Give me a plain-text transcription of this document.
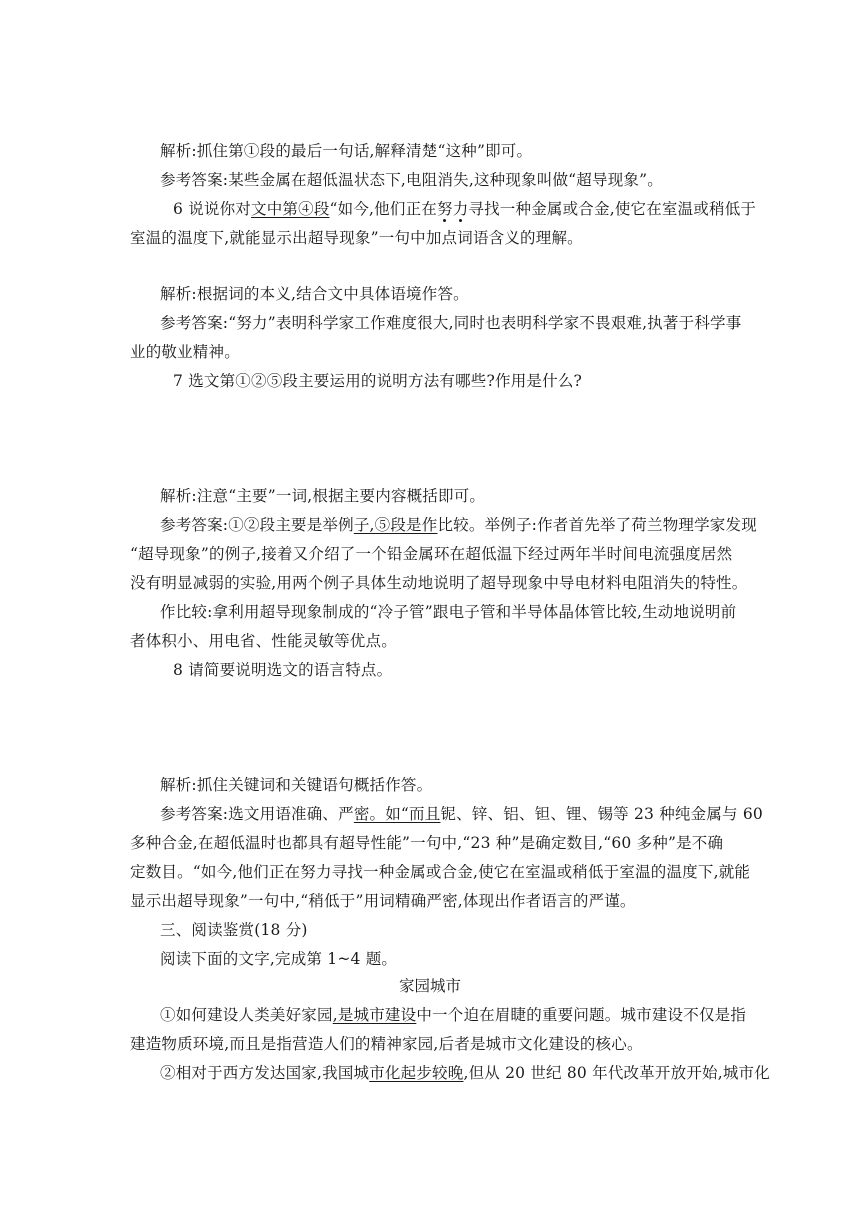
解析:抓住第①段的最后一句话,解释清楚“这种”即可。
参考答案:某些金属在超低温状态下,电阻消失,这种现象叫做“超导现象”。
6 说说你对文中第④段“如今,他们正在努力寻找一种金属或合金,使它在室温或稍低于
室温的温度下,就能显示出超导现象”一句中加点词语含义的理解。
解析:根据词的本义,结合文中具体语境作答。
参考答案:“努力”表明科学家工作难度很大,同时也表明科学家不畏艰难,执著于科学事
业的敬业精神。
7 选文第①②⑤段主要运用的说明方法有哪些?作用是什么?
解析:注意“主要”一词,根据主要内容概括即可。
参考答案:①②段主要是举例子,⑤段是作比较。举例子:作者首先举了荷兰物理学家发现
“超导现象”的例子,接着又介绍了一个铅金属环在超低温下经过两年半时间电流强度居然
没有明显减弱的实验,用两个例子具体生动地说明了超导现象中导电材料电阻消失的特性。
作比较:拿利用超导现象制成的“冷子管”跟电子管和半导体晶体管比较,生动地说明前
者体积小、用电省、性能灵敏等优点。
8 请简要说明选文的语言特点。
解析:抓住关键词和关键语句概括作答。
参考答案:选文用语准确、严密。如“而且铌、锌、铝、钽、锂、锡等 23 种纯金属与 60
多种合金,在超低温时也都具有超导性能”一句中,“23 种”是确定数目,“60 多种”是不确
定数目。“如今,他们正在努力寻找一种金属或合金,使它在室温或稍低于室温的温度下,就能
显示出超导现象”一句中,“稍低于”用词精确严密,体现出作者语言的严谨。
三、阅读鉴赏(18 分)
阅读下面的文字,完成第 1~4 题。
家园城市
①如何建设人类美好家园,是城市建设中一个迫在眉睫的重要问题。城市建设不仅是指
建造物质环境,而且是指营造人们的精神家园,后者是城市文化建设的核心。
②相对于西方发达国家,我国城市化起步较晚,但从 20 世纪 80 年代改革开放开始,城市化
